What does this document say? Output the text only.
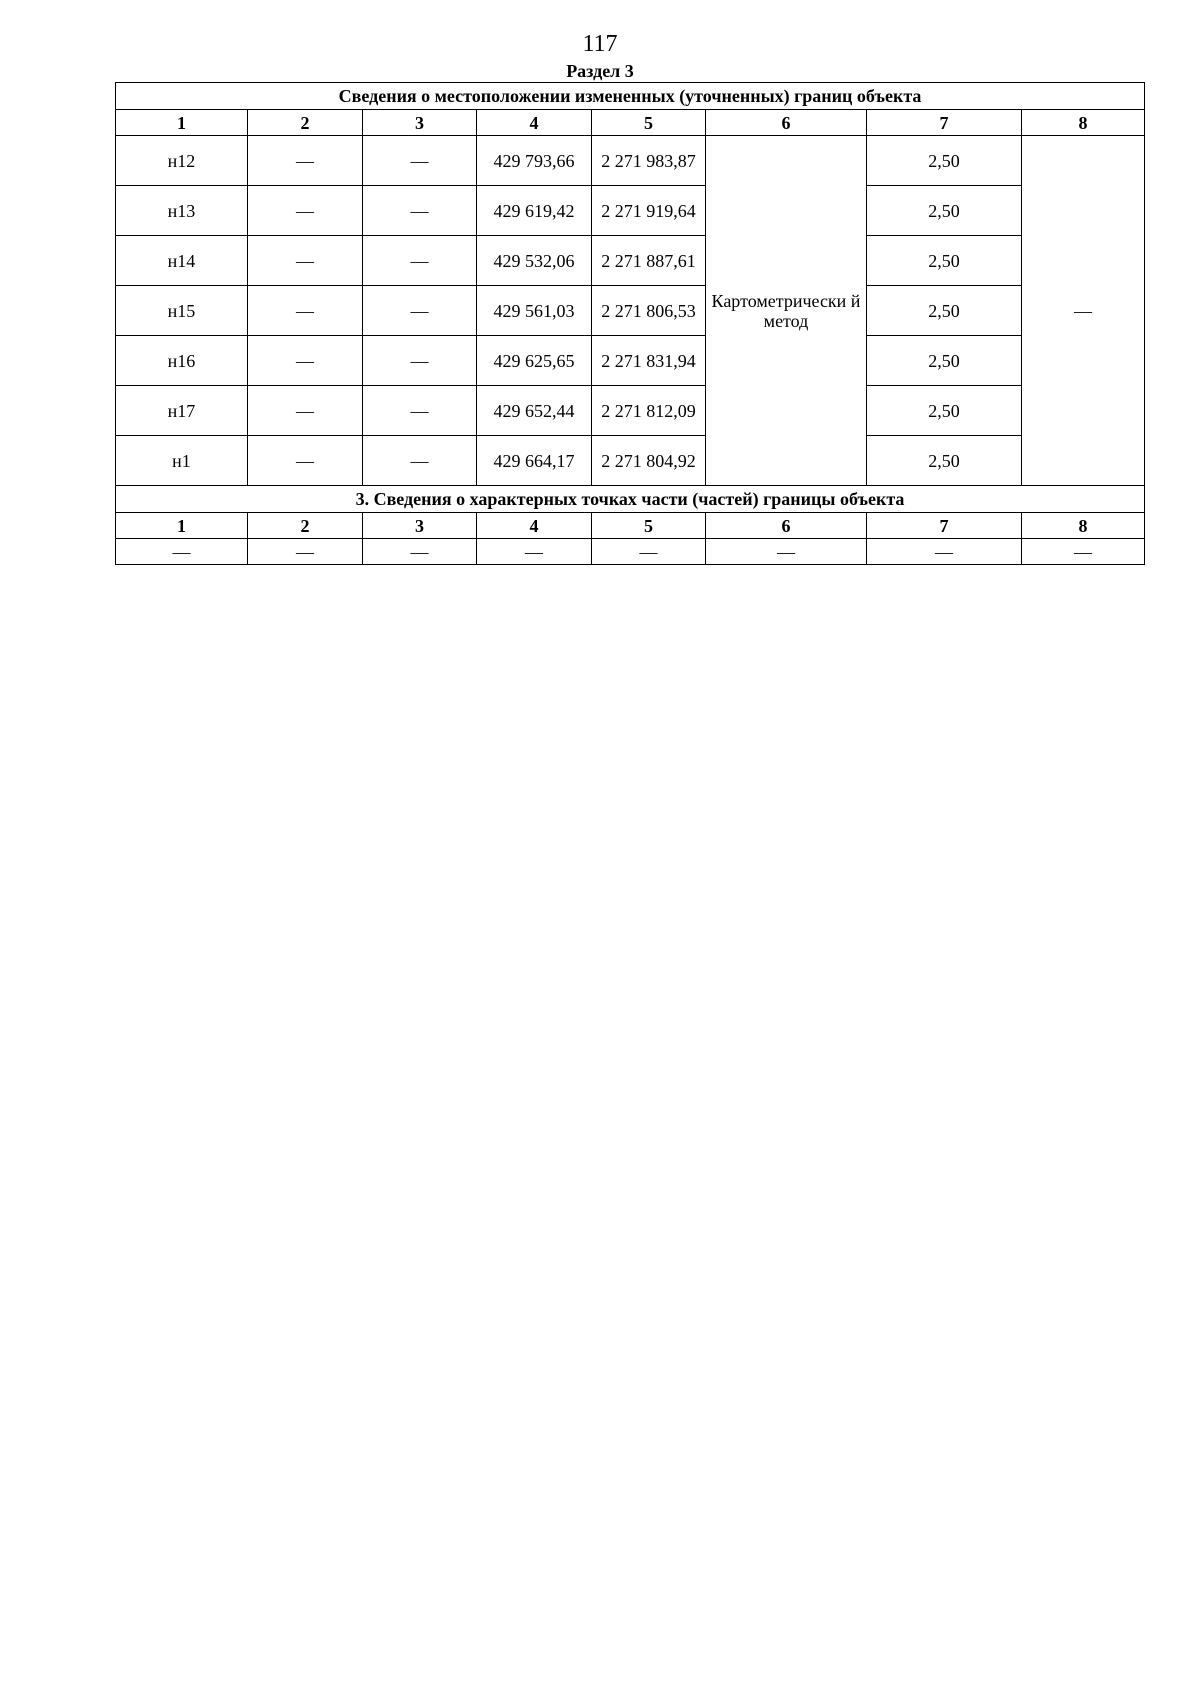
117
Раздел 3
Сведения о местоположении измененных (уточненных) границ объекта							
1	2	3	4	5	6	7	8
н12	—	—	429 793,66	2 271 983,87	Картометрически й метод	2,50	—
н13	—	—	429 619,42	2 271 919,64		2,50	
н14	—	—	429 532,06	2 271 887,61		2,50	
н15	—	—	429 561,03	2 271 806,53		2,50	
н16	—	—	429 625,65	2 271 831,94		2,50	
н17	—	—	429 652,44	2 271 812,09		2,50	
н1	—	—	429 664,17	2 271 804,92		2,50	
3. Сведения о характерных точках части (частей) границы объекта							
1	2	3	4	5	6	7	8
—	—	—	—	—	—	—	—
